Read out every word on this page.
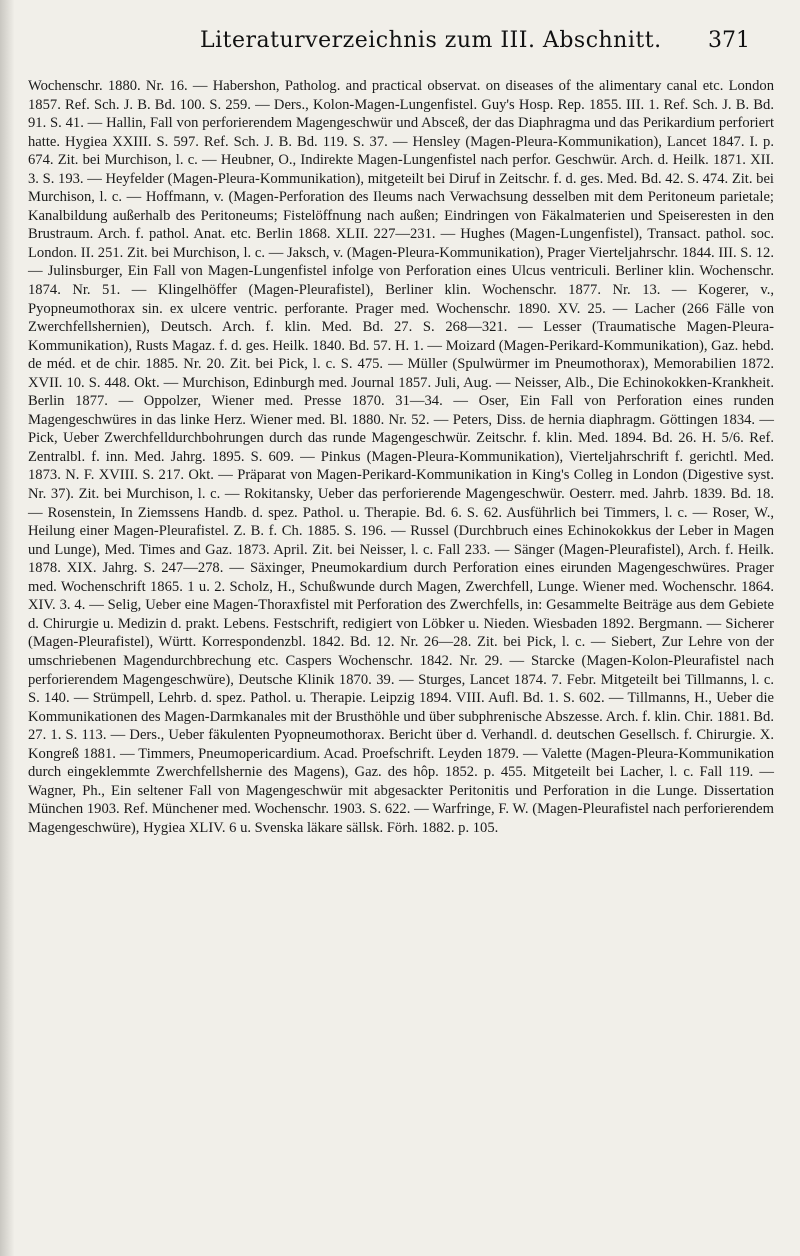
Literaturverzeichnis zum III. Abschnitt. 371

Wochenschr. 1880. Nr. 16. — Habershon, Patholog. and practical observat. on diseases of the alimentary canal etc. London 1857. Ref. Sch. J. B. Bd. 100. S. 259. — Ders., Kolon-Magen-Lungenfistel. Guy's Hosp. Rep. 1855. III. 1. Ref. Sch. J. B. Bd. 91. S. 41. — Hallin, Fall von perforierendem Magengeschwür und Absceß, der das Diaphragma und das Perikardium perforiert hatte. Hygiea XXIII. S. 597. Ref. Sch. J. B. Bd. 119. S. 37. — Hensley (Magen-Pleura-Kommunikation), Lancet 1847. I. p. 674. Zit. bei Murchison, l. c. — Heubner, O., Indirekte Magen-Lungenfistel nach perfor. Geschwür. Arch. d. Heilk. 1871. XII. 3. S. 193. — Heyfelder (Magen-Pleura-Kommunikation), mitgeteilt bei Diruf in Zeitschr. f. d. ges. Med. Bd. 42. S. 474. Zit. bei Murchison, l. c. — Hoffmann, v. (Magen-Perforation des Ileums nach Verwachsung desselben mit dem Peritoneum parietale; Kanalbildung außerhalb des Peritoneums; Fistelöffnung nach außen; Eindringen von Fäkalmaterien und Speiseresten in den Brustraum. Arch. f. pathol. Anat. etc. Berlin 1868. XLII. 227—231. — Hughes (Magen-Lungenfistel), Transact. pathol. soc. London. II. 251. Zit. bei Murchison, l. c. — Jaksch, v. (Magen-Pleura-Kommunikation), Prager Vierteljahrschr. 1844. III. S. 12. — Julinsburger, Ein Fall von Magen-Lungenfistel infolge von Perforation eines Ulcus ventriculi. Berliner klin. Wochenschr. 1874. Nr. 51. — Klingelhöffer (Magen-Pleurafistel), Berliner klin. Wochenschr. 1877. Nr. 13. — Kogerer, v., Pyopneumothorax sin. ex ulcere ventric. perforante. Prager med. Wochenschr. 1890. XV. 25. — Lacher (266 Fälle von Zwerchfellshernien), Deutsch. Arch. f. klin. Med. Bd. 27. S. 268—321. — Lesser (Traumatische Magen-Pleura-Kommunikation), Rusts Magaz. f. d. ges. Heilk. 1840. Bd. 57. H. 1. — Moizard (Magen-Perikard-Kommunikation), Gaz. hebd. de méd. et de chir. 1885. Nr. 20. Zit. bei Pick, l. c. S. 475. — Müller (Spulwürmer im Pneumothorax), Memorabilien 1872. XVII. 10. S. 448. Okt. — Murchison, Edinburgh med. Journal 1857. Juli, Aug. — Neisser, Alb., Die Echinokokken-Krankheit. Berlin 1877. — Oppolzer, Wiener med. Presse 1870. 31—34. — Oser, Ein Fall von Perforation eines runden Magengeschwüres in das linke Herz. Wiener med. Bl. 1880. Nr. 52. — Peters, Diss. de hernia diaphragm. Göttingen 1834. — Pick, Ueber Zwerchfelldurchbohrungen durch das runde Magengeschwür. Zeitschr. f. klin. Med. 1894. Bd. 26. H. 5/6. Ref. Zentralbl. f. inn. Med. Jahrg. 1895. S. 609. — Pinkus (Magen-Pleura-Kommunikation), Vierteljahrschrift f. gerichtl. Med. 1873. N. F. XVIII. S. 217. Okt. — Präparat von Magen-Perikard-Kommunikation in King's Colleg in London (Digestive syst. Nr. 37). Zit. bei Murchison, l. c. — Rokitansky, Ueber das perforierende Magengeschwür. Oesterr. med. Jahrb. 1839. Bd. 18. — Rosenstein, In Ziemssens Handb. d. spez. Pathol. u. Therapie. Bd. 6. S. 62. Ausführlich bei Timmers, l. c. — Roser, W., Heilung einer Magen-Pleurafistel. Z. B. f. Ch. 1885. S. 196. — Russel (Durchbruch eines Echinokokkus der Leber in Magen und Lunge), Med. Times and Gaz. 1873. April. Zit. bei Neisser, l. c. Fall 233. — Sänger (Magen-Pleurafistel), Arch. f. Heilk. 1878. XIX. Jahrg. S. 247—278. — Säxinger, Pneumokardium durch Perforation eines eirunden Magengeschwüres. Prager med. Wochenschrift 1865. 1 u. 2. Scholz, H., Schußwunde durch Magen, Zwerchfell, Lunge. Wiener med. Wochenschr. 1864. XIV. 3. 4. — Selig, Ueber eine Magen-Thoraxfistel mit Perforation des Zwerchfells, in: Gesammelte Beiträge aus dem Gebiete d. Chirurgie u. Medizin d. prakt. Lebens. Festschrift, redigiert von Löbker u. Nieden. Wiesbaden 1892. Bergmann. — Sicherer (Magen-Pleurafistel), Württ. Korrespondenzbl. 1842. Bd. 12. Nr. 26—28. Zit. bei Pick, l. c. — Siebert, Zur Lehre von der umschriebenen Magendurchbrechung etc. Caspers Wochenschr. 1842. Nr. 29. — Starcke (Magen-Kolon-Pleurafistel nach perforierendem Magengeschwüre), Deutsche Klinik 1870. 39. — Sturges, Lancet 1874. 7. Febr. Mitgeteilt bei Tillmanns, l. c. S. 140. — Strümpell, Lehrb. d. spez. Pathol. u. Therapie. Leipzig 1894. VIII. Aufl. Bd. 1. S. 602. — Tillmanns, H., Ueber die Kommunikationen des Magen-Darmkanales mit der Brusthöhle und über subphrenische Abszesse. Arch. f. klin. Chir. 1881. Bd. 27. 1. S. 113. — Ders., Ueber fäkulenten Pyopneumothorax. Bericht über d. Verhandl. d. deutschen Gesellsch. f. Chirurgie. X. Kongreß 1881. — Timmers, Pneumopericardium. Acad. Proefschrift. Leyden 1879. — Valette (Magen-Pleura-Kommunikation durch eingeklemmte Zwerchfellshernie des Magens), Gaz. des hôp. 1852. p. 455. Mitgeteilt bei Lacher, l. c. Fall 119. — Wagner, Ph., Ein seltener Fall von Magengeschwür mit abgesackter Peritonitis und Perforation in die Lunge. Dissertation München 1903. Ref. Münchener med. Wochenschr. 1903. S. 622. — Warfringe, F. W. (Magen-Pleurafistel nach perforierendem Magengeschwüre), Hygiea XLIV. 6 u. Svenska läkare sällsk. Förh. 1882. p. 105.
